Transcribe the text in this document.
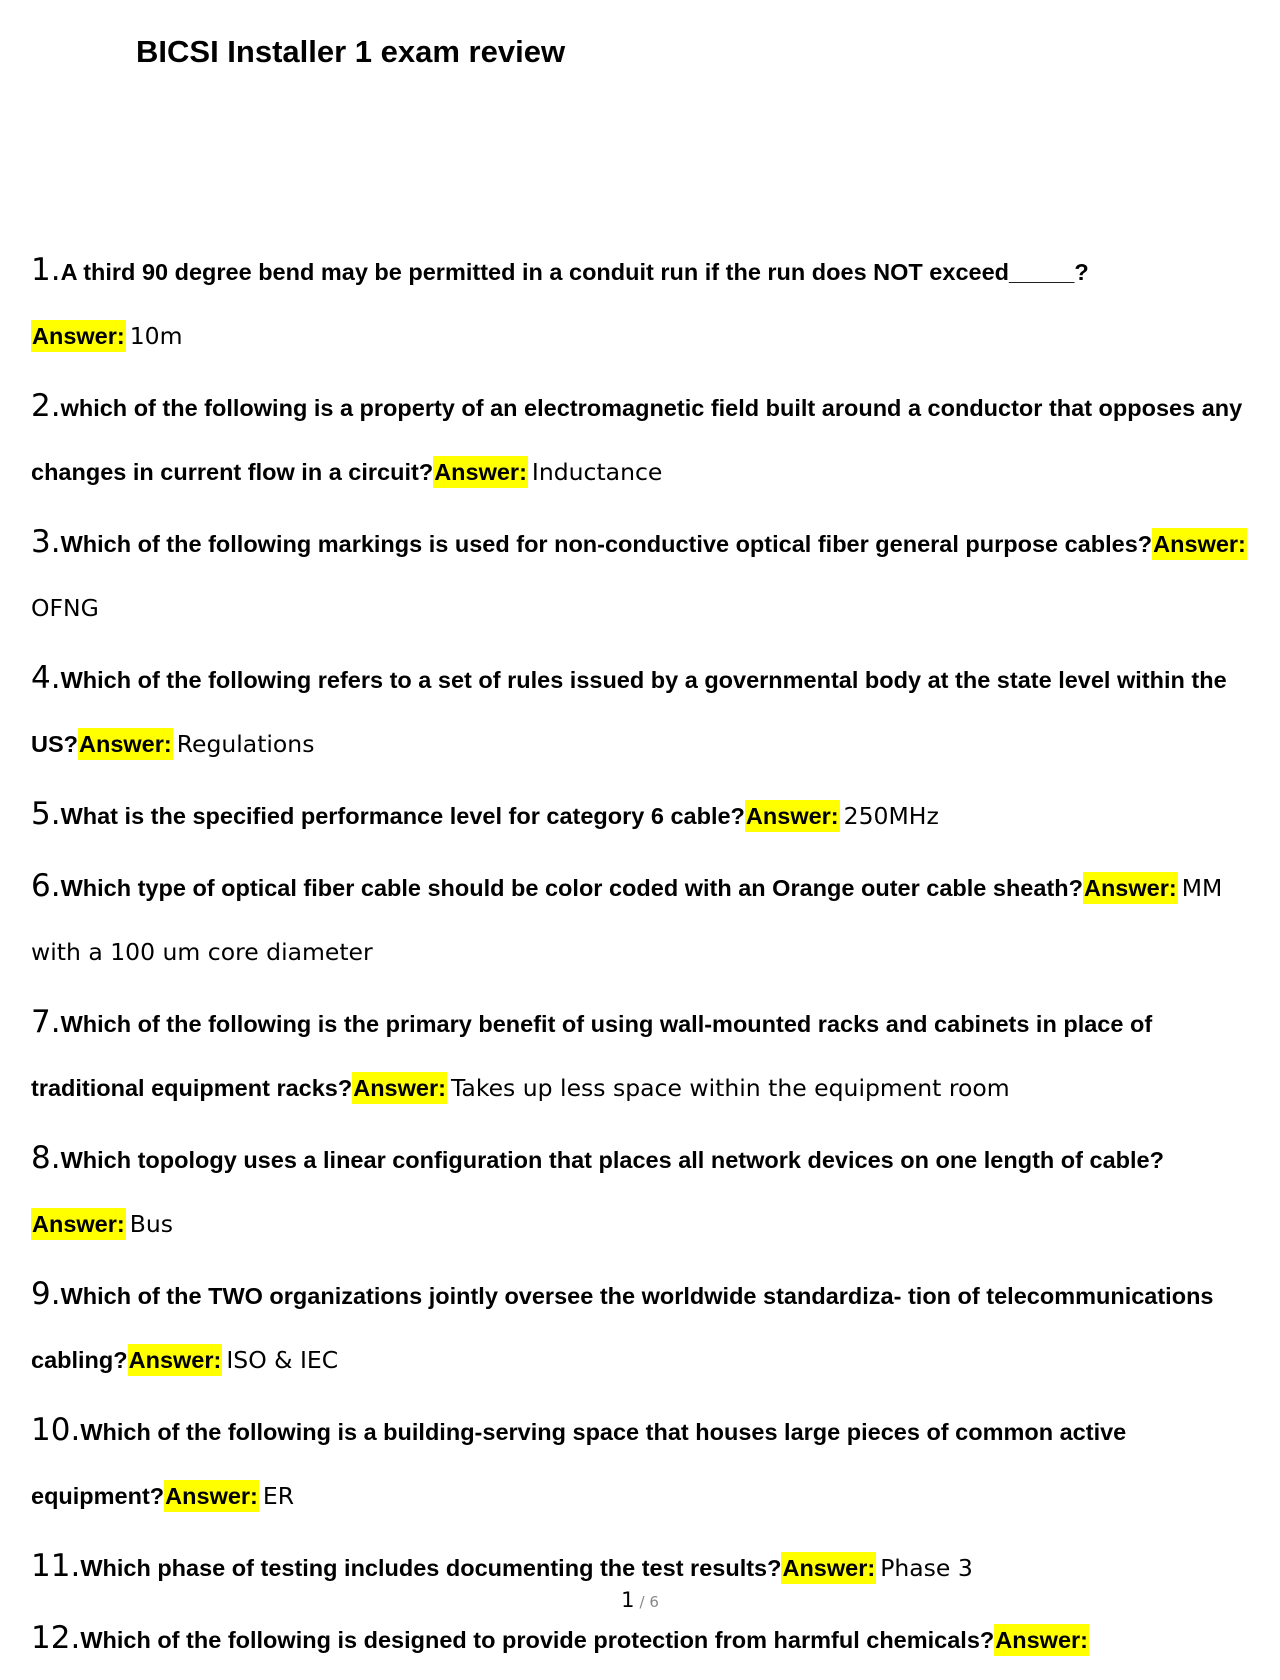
BICSI Installer 1 exam review
1.A third 90 degree bend may be permitted in a conduit run if the run does NOT exceed_____?
Answer: 10m
2.which of the following is a property of an electromagnetic field built around a conductor that opposes any changes in current flow in a circuit?Answer: Inductance
3.Which of the following markings is used for non-conductive optical fiber general purpose cables?Answer: OFNG
4.Which of the following refers to a set of rules issued by a governmental body at the state level within the US?Answer: Regulations
5.What is the specified performance level for category 6 cable?Answer: 250MHz
6.Which type of optical fiber cable should be color coded with an Orange outer cable sheath?Answer: MM with a 100 um core diameter
7.Which of the following is the primary benefit of using wall-mounted racks and cabinets in place of traditional equipment racks?Answer: Takes up less space within the equipment room
8.Which topology uses a linear configuration that places all network devices on one length of cable?Answer: Bus
9.Which of the TWO organizations jointly oversee the worldwide standardiza- tion of telecommunications cabling?Answer: ISO & IEC
10.Which of the following is a building-serving space that houses large pieces of common active equipment?Answer: ER
11.Which phase of testing includes documenting the test results?Answer: Phase 3
12.Which of the following is designed to provide protection from harmful chemicals?Answer:
1 / 6
